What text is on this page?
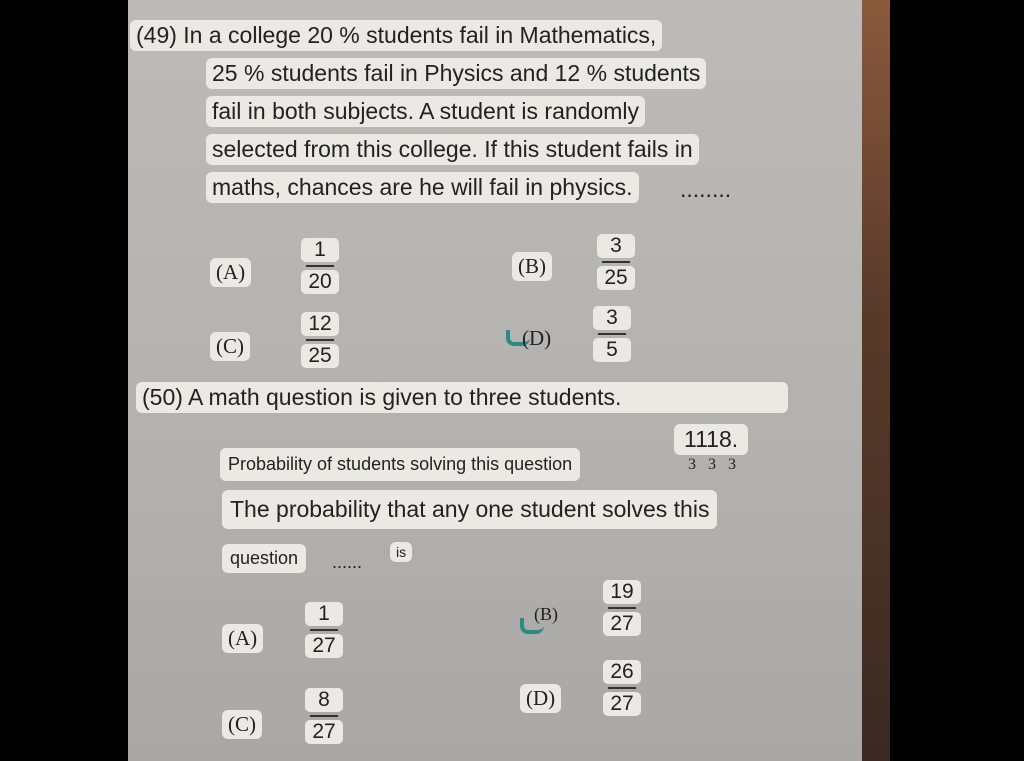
(49) In a college 20 % students fail in Mathematics,
25 % students fail in Physics and 12 % students
fail in both subjects. A student is randomly
selected from this college. If this student fails in
maths, chances are he will fail in physics. ........
(A)
1
20
(B)
3
25
(C)
12
25
(D)
3
5
(50) A math question is given to three students.
Probability of students solving this question
1118.
3 3 3
The probability that any one student solves this
question	......	is
(A)
1
27
(B)
19
27
(C)
8
27
(D)
26
27
